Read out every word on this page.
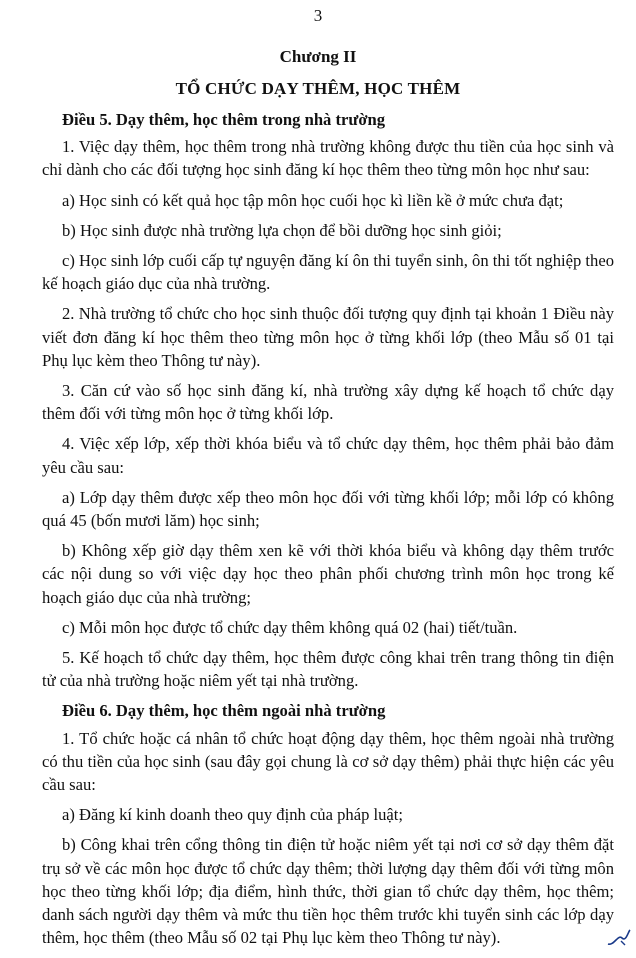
3
Chương II
TỔ CHỨC DẠY THÊM, HỌC THÊM
Điều 5. Dạy thêm, học thêm trong nhà trường

1. Việc dạy thêm, học thêm trong nhà trường không được thu tiền của học sinh và chỉ dành cho các đối tượng học sinh đăng kí học thêm theo từng môn học như sau:

a) Học sinh có kết quả học tập môn học cuối học kì liền kề ở mức chưa đạt;

b) Học sinh được nhà trường lựa chọn để bồi dưỡng học sinh giỏi;

c) Học sinh lớp cuối cấp tự nguyện đăng kí ôn thi tuyển sinh, ôn thi tốt nghiệp theo kế hoạch giáo dục của nhà trường.

2. Nhà trường tổ chức cho học sinh thuộc đối tượng quy định tại khoản 1 Điều này viết đơn đăng kí học thêm theo từng môn học ở từng khối lớp (theo Mẫu số 01 tại Phụ lục kèm theo Thông tư này).

3. Căn cứ vào số học sinh đăng kí, nhà trường xây dựng kế hoạch tổ chức dạy thêm đối với từng môn học ở từng khối lớp.

4. Việc xếp lớp, xếp thời khóa biểu và tổ chức dạy thêm, học thêm phải bảo đảm yêu cầu sau:

a) Lớp dạy thêm được xếp theo môn học đối với từng khối lớp; mỗi lớp có không quá 45 (bốn mươi lăm) học sinh;

b) Không xếp giờ dạy thêm xen kẽ với thời khóa biểu và không dạy thêm trước các nội dung so với việc dạy học theo phân phối chương trình môn học trong kế hoạch giáo dục của nhà trường;

c) Mỗi môn học được tổ chức dạy thêm không quá 02 (hai) tiết/tuần.

5. Kế hoạch tổ chức dạy thêm, học thêm được công khai trên trang thông tin điện tử của nhà trường hoặc niêm yết tại nhà trường.

Điều 6. Dạy thêm, học thêm ngoài nhà trường

1. Tổ chức hoặc cá nhân tổ chức hoạt động dạy thêm, học thêm ngoài nhà trường có thu tiền của học sinh (sau đây gọi chung là cơ sở dạy thêm) phải thực hiện các yêu cầu sau:

a) Đăng kí kinh doanh theo quy định của pháp luật;

b) Công khai trên cổng thông tin điện tử hoặc niêm yết tại nơi cơ sở dạy thêm đặt trụ sở về các môn học được tổ chức dạy thêm; thời lượng dạy thêm đối với từng môn học theo từng khối lớp; địa điểm, hình thức, thời gian tổ chức dạy thêm, học thêm; danh sách người dạy thêm và mức thu tiền học thêm trước khi tuyển sinh các lớp dạy thêm, học thêm (theo Mẫu số 02 tại Phụ lục kèm theo Thông tư này).
